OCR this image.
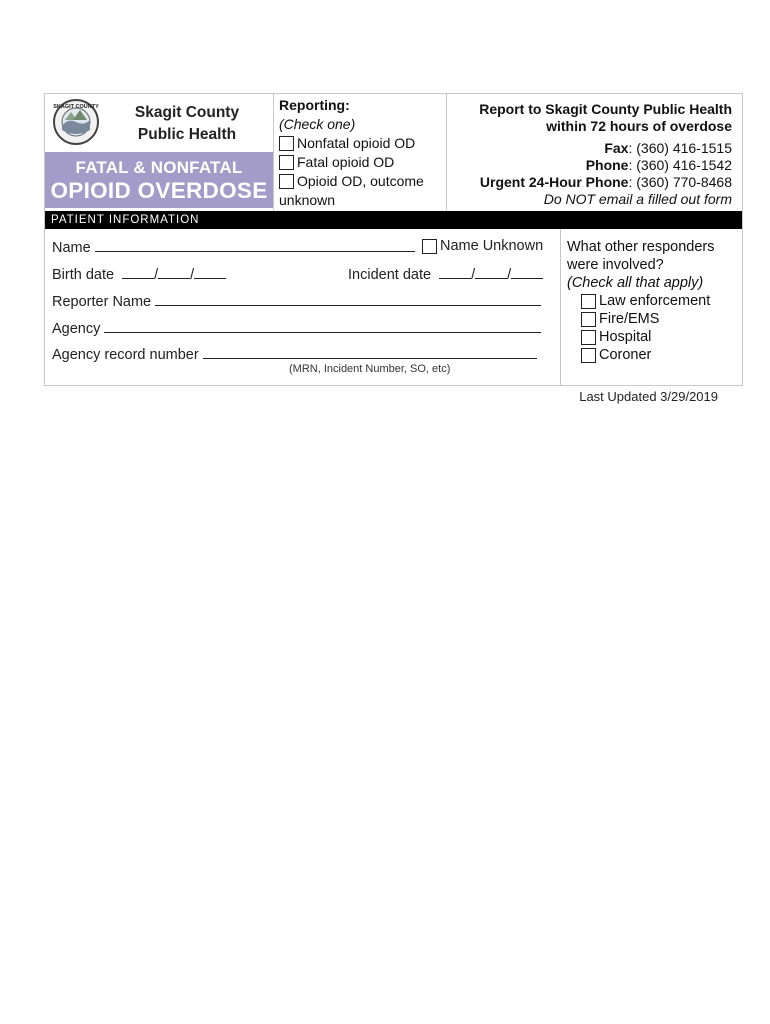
SKAGIT COUNTY	Skagit County
Public Health
FATAL & NONFATAL
OPIOID OVERDOSE
Reporting:
(Check one)
Nonfatal opioid OD
Fatal opioid OD
Opioid OD, outcome
unknown
Report to Skagit County Public Health
within 72 hours of overdose
Fax: (360) 416-1515
Phone: (360) 416-1542
Urgent 24-Hour Phone: (360) 770-8468
Do NOT email a filled out form
PATIENT INFORMATION
Name	Name Unknown
Birth date	/ /	Incident date	/ /
Reporter Name
Agency
Agency record number
(MRN, Incident Number, SO, etc)
What other responders
were involved?
(Check all that apply)
Law enforcement
Fire/EMS
Hospital
Coroner
Last Updated 3/29/2019
